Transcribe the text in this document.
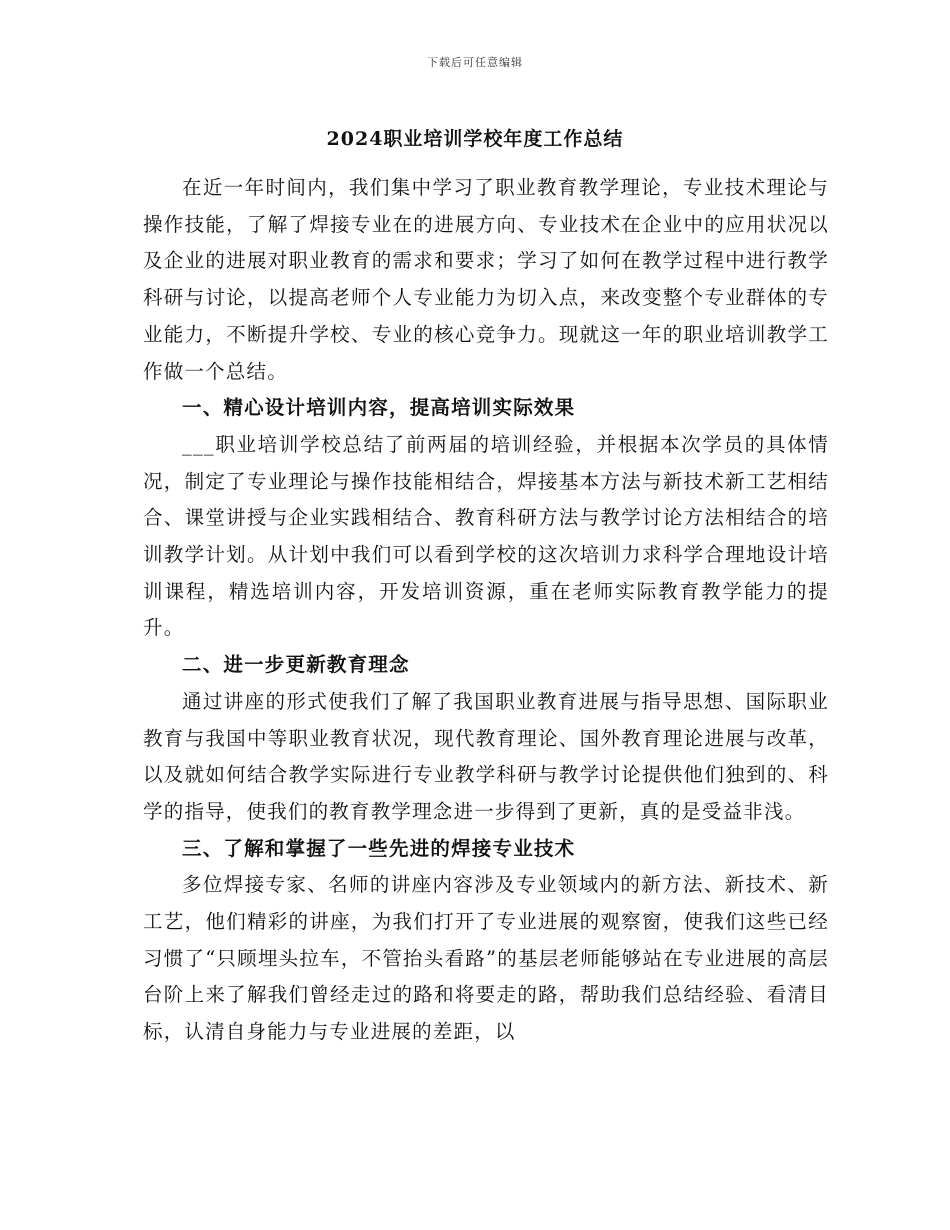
下载后可任意编辑
2024职业培训学校年度工作总结

在近一年时间内，我们集中学习了职业教育教学理论，专业技术理论与操作技能，了解了焊接专业在的进展方向、专业技术在企业中的应用状况以及企业的进展对职业教育的需求和要求；学习了如何在教学过程中进行教学科研与讨论，以提高老师个人专业能力为切入点，来改变整个专业群体的专业能力，不断提升学校、专业的核心竞争力。现就这一年的职业培训教学工作做一个总结。

一、精心设计培训内容，提高培训实际效果

___职业培训学校总结了前两届的培训经验，并根据本次学员的具体情况，制定了专业理论与操作技能相结合，焊接基本方法与新技术新工艺相结合、课堂讲授与企业实践相结合、教育科研方法与教学讨论方法相结合的培训教学计划。从计划中我们可以看到学校的这次培训力求科学合理地设计培训课程，精选培训内容，开发培训资源，重在老师实际教育教学能力的提升。

二、进一步更新教育理念

通过讲座的形式使我们了解了我国职业教育进展与指导思想、国际职业教育与我国中等职业教育状况，现代教育理论、国外教育理论进展与改革，以及就如何结合教学实际进行专业教学科研与教学讨论提供他们独到的、科学的指导，使我们的教育教学理念进一步得到了更新，真的是受益非浅。

三、了解和掌握了一些先进的焊接专业技术

多位焊接专家、名师的讲座内容涉及专业领域内的新方法、新技术、新工艺，他们精彩的讲座，为我们打开了专业进展的观察窗，使我们这些已经习惯了“只顾埋头拉车，不管抬头看路”的基层老师能够站在专业进展的高层台阶上来了解我们曾经走过的路和将要走的路，帮助我们总结经验、看清目标，认清自身能力与专业进展的差距，以
